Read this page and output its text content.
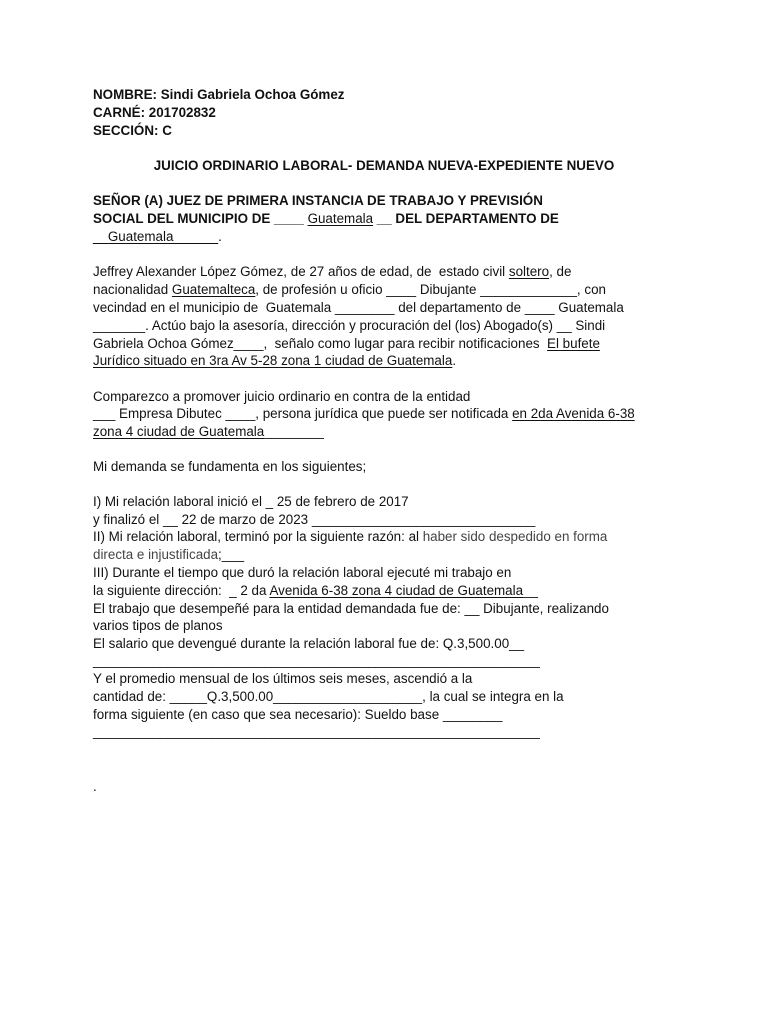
NOMBRE: Sindi Gabriela Ochoa Gómez
CARNÉ: 201702832
SECCIÓN: C
JUICIO ORDINARIO LABORAL- DEMANDA NUEVA-EXPEDIENTE NUEVO
SEÑOR (A) JUEZ DE PRIMERA INSTANCIA DE TRABAJO Y PREVISIÓN
SOCIAL DEL MUNICIPIO DE ____ Guatemala __ DEL DEPARTAMENTO DE
__Guatemala______.
Jeffrey Alexander López Gómez, de 27 años de edad, de  estado civil soltero, de
nacionalidad Guatemalteca, de profesión u oficio ____ Dibujante _____________, con
vecindad en el municipio de  Guatemala ________ del departamento de ____ Guatemala
_______. Actúo bajo la asesoría, dirección y procuración del (los) Abogado(s) __ Sindi
Gabriela Ochoa Gómez____,  señalo como lugar para recibir notificaciones  El bufete
Jurídico situado en 3ra Av 5-28 zona 1 ciudad de Guatemala.
Comparezco a promover juicio ordinario en contra de la entidad
___ Empresa Dibutec ____, persona jurídica que puede ser notificada en 2da Avenida 6-38
zona 4 ciudad de Guatemala________
Mi demanda se fundamenta en los siguientes;
I) Mi relación laboral inició el _ 25 de febrero de 2017
y finalizó el __ 22 de marzo de 2023 ______________________________
II) Mi relación laboral, terminó por la siguiente razón: al haber sido despedido en forma
directa e injustificada;___
III) Durante el tiempo que duró la relación laboral ejecuté mi trabajo en
la siguiente dirección:  _ 2 da Avenida 6-38 zona 4 ciudad de Guatemala__
El trabajo que desempeñé para la entidad demandada fue de: __ Dibujante, realizando
varios tipos de planos
El salario que devengué durante la relación laboral fue de: Q.3,500.00__
____________________________________________________________
Y el promedio mensual de los últimos seis meses, ascendió a la
cantidad de: _____Q.3,500.00____________________, la cual se integra en la
forma siguiente (en caso que sea necesario): Sueldo base ________
____________________________________________________________
.
